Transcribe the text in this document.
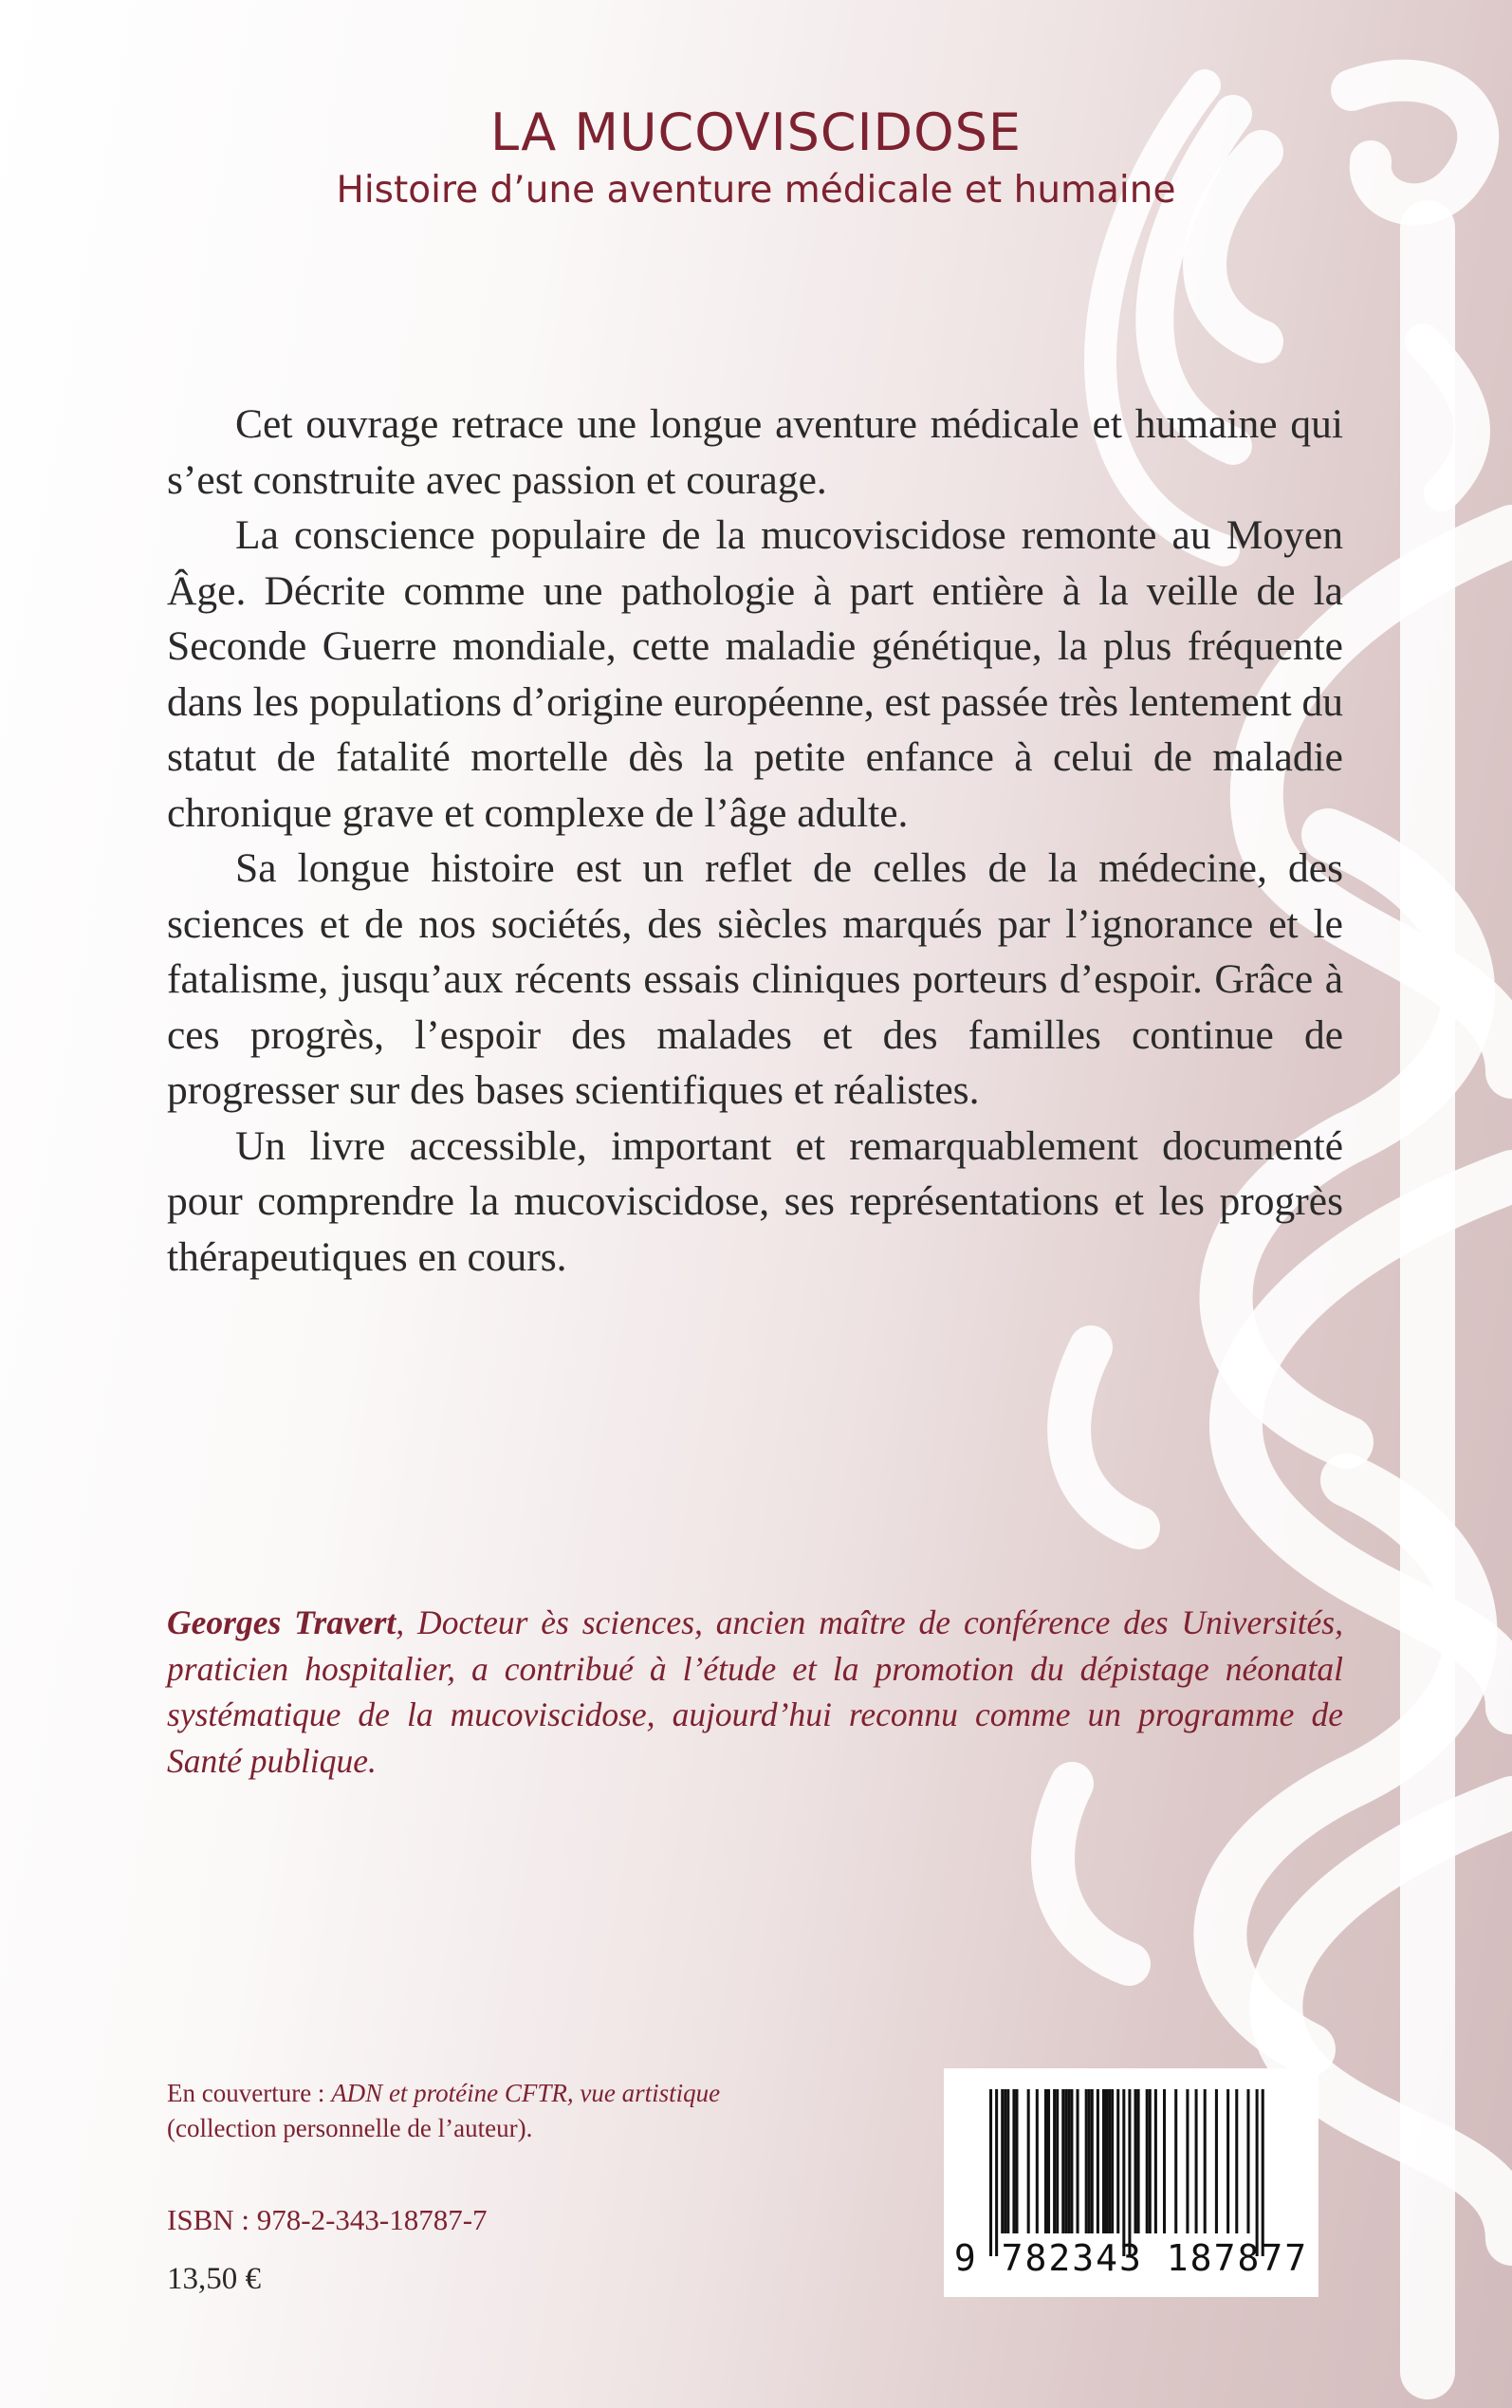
LA MUCOVISCIDOSE
Histoire d’une aventure médicale et humaine

Cet ouvrage retrace une longue aventure médicale et humaine qui s’est construite avec passion et courage.

La conscience populaire de la mucoviscidose remonte au Moyen Âge. Décrite comme une pathologie à part entière à la veille de la Seconde Guerre mondiale, cette maladie génétique, la plus fréquente dans les populations d’origine européenne, est passée très lentement du statut de fatalité mortelle dès la petite enfance à celui de maladie chronique grave et complexe de l’âge adulte.

Sa longue histoire est un reflet de celles de la médecine, des sciences et de nos sociétés, des siècles marqués par l’ignorance et le fatalisme, jusqu’aux récents essais cliniques porteurs d’espoir. Grâce à ces progrès, l’espoir des malades et des familles continue de progresser sur des bases scientifiques et réalistes.

Un livre accessible, important et remarquablement documenté pour comprendre la mucoviscidose, ses représentations et les progrès thérapeutiques en cours.

Georges Travert, Docteur ès sciences, ancien maître de conférence des Universités, praticien hospitalier, a contribué à l’étude et la promotion du dépistage néonatal systématique de la mucoviscidose, aujourd’hui reconnu comme un programme de Santé publique.
En couverture : ADN et protéine CFTR, vue artistique
(collection personnelle de l’auteur).
ISBN : 978-2-343-18787-7
13,50 €	9 782343 187877
